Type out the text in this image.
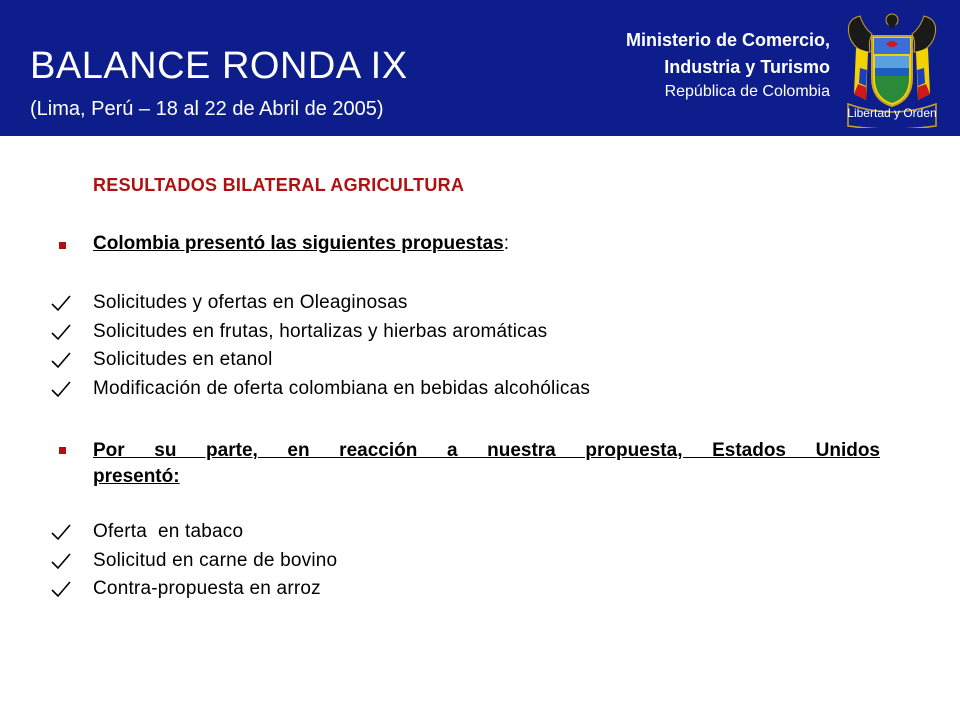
BALANCE RONDA IX
(Lima, Perú – 18 al 22 de Abril de 2005)
Ministerio de Comercio,
Industria y Turismo
República de Colombia
Libertad y Orden
RESULTADOS BILATERAL AGRICULTURA
Colombia presentó las siguientes propuestas:
Solicitudes y ofertas en Oleaginosas
Solicitudes en frutas, hortalizas y hierbas aromáticas
Solicitudes en etanol
Modificación de oferta colombiana en bebidas alcohólicas
Por su parte, en reacción a nuestra propuesta, Estados Unidos
presentó:
Oferta  en tabaco
Solicitud en carne de bovino
Contra-propuesta en arroz
